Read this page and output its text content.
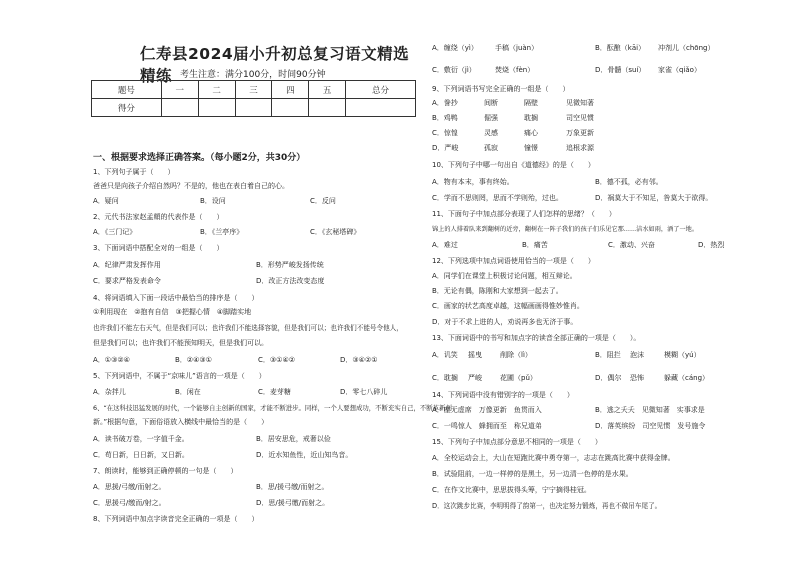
仁寿县2024届小升初总复习语文精选精练 考生注意：满分100分，时间90分钟
题号	一	二	三	四	五	总分
得分						
一、根据要求选择正确答案。（每小题2分，共30分）
1、下列句子属于（　　）
爸爸只是向孩子介绍自然吗？不是的，他也在表白着自己的心。
A．疑问	B．设问	C．反问
2、元代书法家赵孟頫的代表作是（　　）
A．《三门记》	B．《兰亭序》	C．《玄秘塔碑》
3、下面词语中搭配全对的一组是（　　）
A．纪律严肃发挥作用	B．形势严峻发扬传统
C．要求严格发表命令	D．改正方法改变态度
4、将词语填入下面一段话中最恰当的排序是（　　）
①利用现在　②抱有自信　③把握心情　④脚踏实地
也许我们不能左右天气，但是我们可以；也许我们不能选择容貌，但是我们可以；也许我们不能号令他人，
但是我们可以；也许我们不能预知明天，但是我们可以。
A．①③②④	B．②④③①	C．③①④②	D．③④②①
5、下列词语中，不属于“京味儿”语言的一项是（　　）
A．杂拌儿	B．闲在	C．麦芽糖	D．零七八碎儿
6、“在这科技迅猛发展的时代，一个能够自主创新的国家，才能不断进步。同样，一个人要想成功，不断充实自己，不断革新创
新。”根据句意，下面俗语放入横线中最恰当的是（　　）
A．读书破万卷，一字值千金。	B．居安思危，戒奢以俭
C．苟日新，日日新，又日新。	D．近水知鱼性，近山知鸟音。
7、朗读时，能够到正确停顿的一句是（　　）
A．思援/弓缴/而射之。	B．思/援弓缴/而射之。
C．思援弓/缴而/射之。	D．思/援弓缴/而射之。
8、下列词语中加点字读音完全正确的一项是（　　）
A．缠绕（yì） 手稿（juàn）	B．酝酿（kāi） 冲剂儿（chōng）
C．敷衍（jì）	焚烧（fèn）	D．骨髓（suí） 家雀（qiǎo）
9、下列词语书写完全正确的一组是（　　）
A．誊抄	间断	隔壁	见微知著
B．鸡鸭	倔强	耽搁	司空见惯
C．惊惶	灵感	痛心	万象更新
D．严峻	孤寂	憧憬	追根求源
10、下列句子中哪一句出自《道德经》的是（　　）
A．物有本末，事有终始。	B．德不孤，必有邻。
C．学而不思则罔，思而不学则殆，过也。	D．祸莫大于不知足，咎莫大于欲得。
11、下面句子中加点部分表现了人们怎样的思绪？（　　）
锦上的人排着队来到翻树的近旁，翻树在一阵子我们的孩子们乐见它那……洁水如雨，酒了一地。
A．难过	B．痛苦	C．激动、兴奋	D．热烈
12、下列选项中加点词语使用恰当的一项是（　　）
A．同学们在课堂上积极讨论问题，相互辩论。
B．无论有偶，陈刚和大家想到一起去了。
C．画家的状艺高度卓越，这幅画画得惟妙惟肖。
D．对于不求上进的人，劝说再多也无济于事。
13、下面词语中的书写和加点字的读音全部正确的一项是（　　）。
A．讥笑 摇曳	削除（lì）	B．阻拦 泡沫	模糊（yú）
C．耽搁 严峻	花圃（pǔ）	D．偶尔 恐怖	躲藏（cáng）
14、下列词语中没有错别字的一项是（　　）
A．座无虚席　万像更新　鱼贯而入	B．逃之夭夭　见微知著　实事求是
C．一鸣惊人　蜂拥而至　称兄道弟	D．落英缤纷　司空见惯　发号施令
15、下列句子中加点部分意思不相同的一项是（　　）
A．全校运动会上，大山在短跑比赛中勇夺第一，志志在跳高比赛中获得金牌。
B．试验阻前，一边一样停的是黑土，另一边清一色停的是水果。
C．在作文比赛中，思思拔得头筹，宁宁摘得桂冠。
D．这次跳步比赛，李明明得了韵第一，也决定努力锻炼，再也不做吊车尾了。
